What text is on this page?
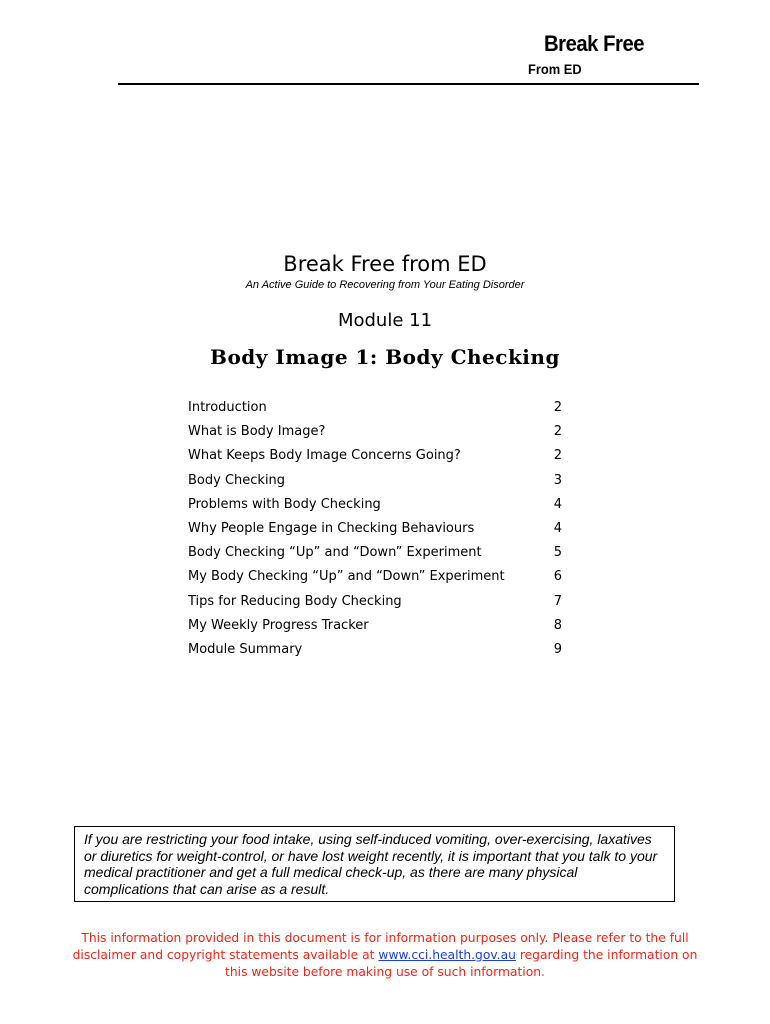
Break Free
From ED
Break Free from ED
An Active Guide to Recovering from Your Eating Disorder
Module 11
Body Image 1: Body Checking
Introduction	2
What is Body Image?	2
What Keeps Body Image Concerns Going?	2
Body Checking	3
Problems with Body Checking	4
Why People Engage in Checking Behaviours	4
Body Checking “Up” and “Down” Experiment	5
My Body Checking “Up” and “Down” Experiment	6
Tips for Reducing Body Checking	7
My Weekly Progress Tracker	8
Module Summary	9
If you are restricting your food intake, using self-induced vomiting, over-exercising, laxatives or diuretics for weight-control, or have lost weight recently, it is important that you talk to your medical practitioner and get a full medical check-up, as there are many physical complications that can arise as a result.
This information provided in this document is for information purposes only. Please refer to the full disclaimer and copyright statements available at www.cci.health.gov.au regarding the information on this website before making use of such information.
